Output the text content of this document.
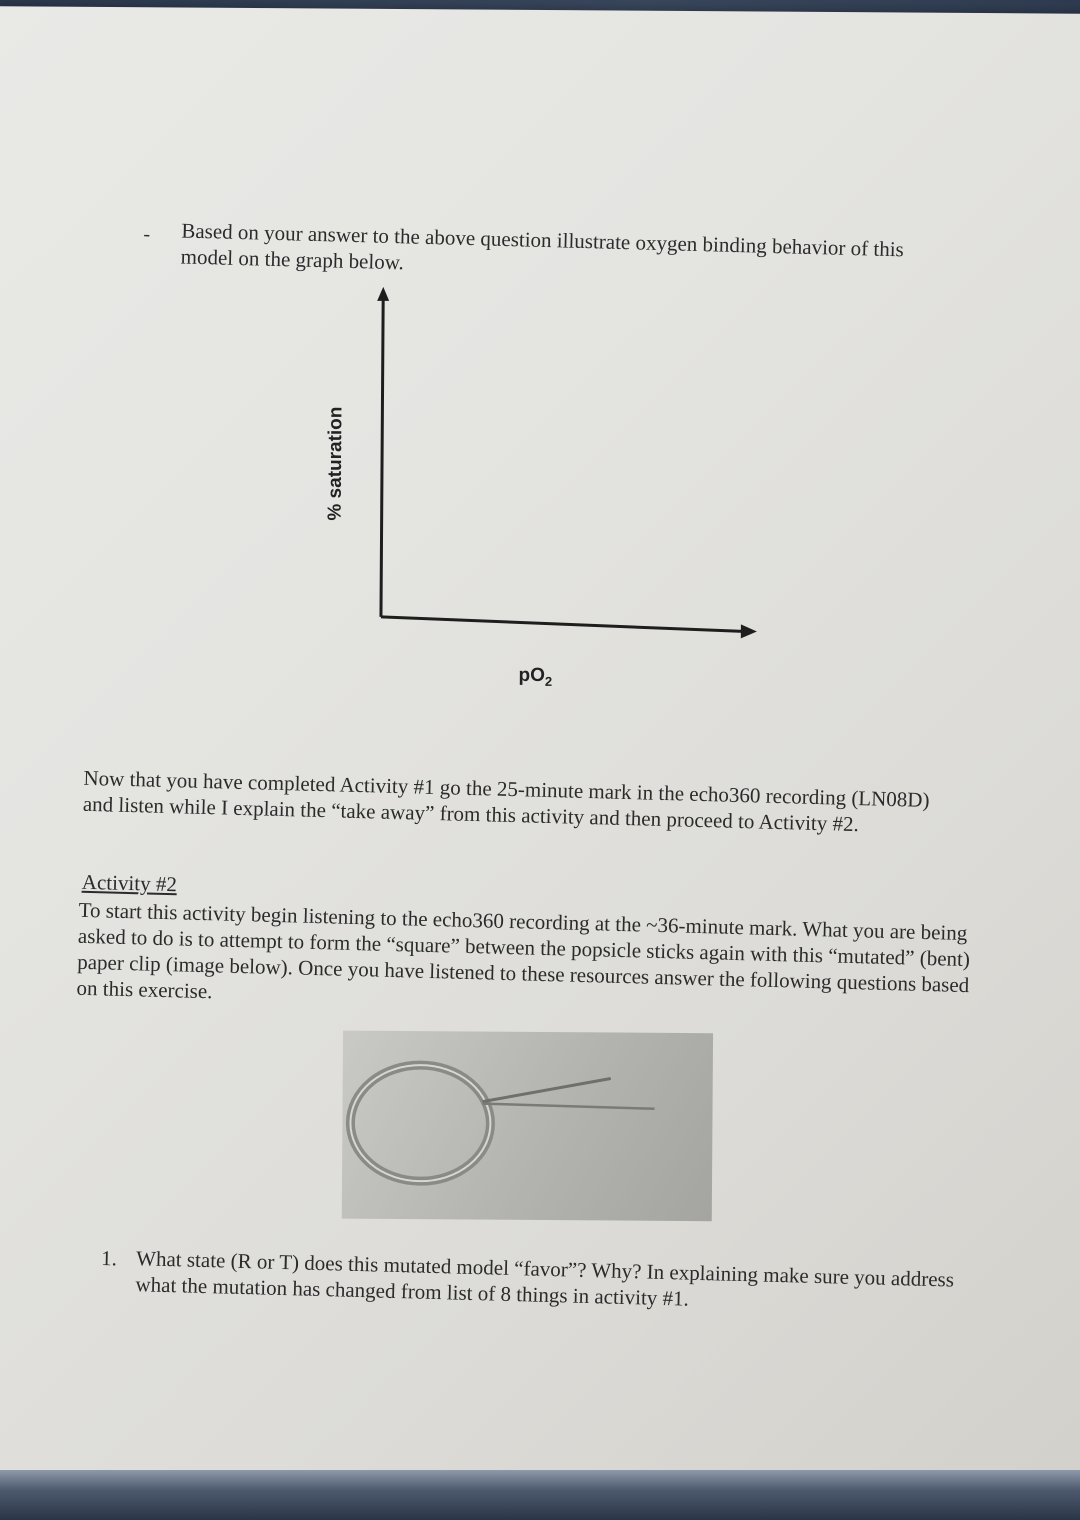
- Based on your answer to the above question illustrate oxygen binding behavior of this model on the graph below.
% saturation
$pO_2$
Now that you have completed Activity #1 go the 25-minute mark in the echo360 recording (LN08D) and listen while I explain the “take away” from this activity and then proceed to Activity #2.
Activity #2
To start this activity begin listening to the echo360 recording at the ~36-minute mark. What you are being asked to do is to attempt to form the “square” between the popsicle sticks again with this “mutated” (bent) paper clip (image below). Once you have listened to these resources answer the following questions based on this exercise.
1. What state (R or T) does this mutated model “favor”? Why? In explaining make sure you address what the mutation has changed from list of 8 things in activity #1.
